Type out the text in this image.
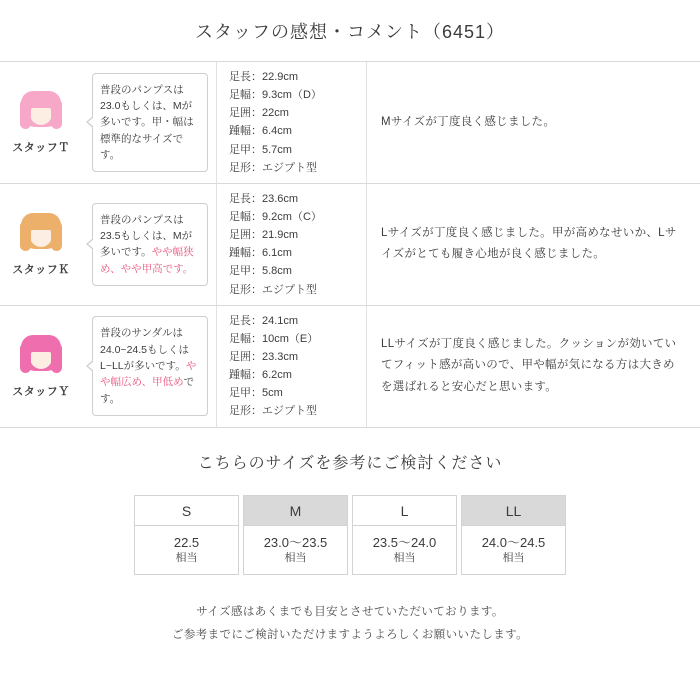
スタッフの感想・コメント（6451）
スタッフＴ
普段のパンプスは23.0もしくは、Mが多いです。甲・幅は標準的なサイズです。
足長：22.9cm
足幅：9.3cm（D）
足囲：22cm
踵幅：6.4cm
足甲：5.7cm
足形：エジプト型
Mサイズが丁度良く感じました。
スタッフＫ
普段のパンプスは23.5もしくは、Mが多いです。やや幅狭め、やや甲高です。
足長：23.6cm
足幅：9.2cm（C）
足囲：21.9cm
踵幅：6.1cm
足甲：5.8cm
足形：エジプト型
Lサイズが丁度良く感じました。甲が高めなせいか、Lサイズがとても履き心地が良く感じました。
スタッフＹ
普段のサンダルは24.0~24.5もしくはL~LLが多いです。やや幅広め、甲低めです。
足長：24.1cm
足幅：10cm（E）
足囲：23.3cm
踵幅：6.2cm
足甲：5cm
足形：エジプト型
LLサイズが丁度良く感じました。クッションが効いていてフィット感が高いので、甲や幅が気になる方は大きめを選ばれると安心だと思います。
こちらのサイズを参考にご検討ください
S
22.5
相当
M
23.0～23.5
相当
L
23.5～24.0
相当
LL
24.0～24.5
相当
サイズ感はあくまでも目安とさせていただいております。
ご参考までにご検討いただけますようよろしくお願いいたします。
